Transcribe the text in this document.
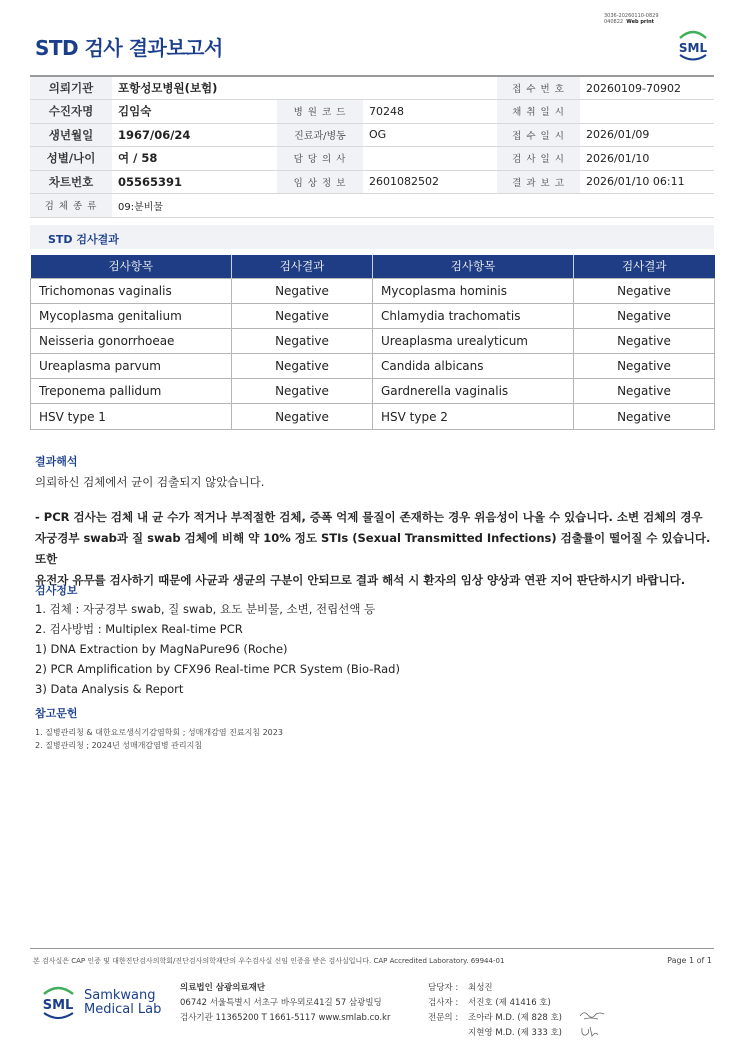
3036-20260110-0829
040822 Web print
STD 검사 결과보고서	SML
의뢰기관	포항성모병원(보험)			접 수 번 호	20260109-70902
수진자명	김임숙	병 원 코 드	70248	채 취 일 시	
생년월일	1967/06/24	진료과/병동	OG	접 수 일 시	2026/01/09
성별/나이	여 / 58	담 당 의 사		검 사 일 시	2026/01/10
차트번호	05565391	임 상 정 보	2601082502	결 과 보 고	2026/01/10 06:11
검 체 종 류	09:분비물				
STD 검사결과
검사항목	검사결과	검사항목	검사결과
Trichomonas vaginalis	Negative	Mycoplasma hominis	Negative
Mycoplasma genitalium	Negative	Chlamydia trachomatis	Negative
Neisseria gonorrhoeae	Negative	Ureaplasma urealyticum	Negative
Ureaplasma parvum	Negative	Candida albicans	Negative
Treponema pallidum	Negative	Gardnerella vaginalis	Negative
HSV type 1	Negative	HSV type 2	Negative
결과해석
의뢰하신 검체에서 균이 검출되지 않았습니다.
- PCR 검사는 검체 내 균 수가 적거나 부적절한 검체, 증폭 억제 물질이 존재하는 경우 위음성이 나올 수 있습니다. 소변 검체의 경우
자궁경부 swab과 질 swab 검체에 비해 약 10% 정도 STIs (Sexual Transmitted Infections) 검출률이 떨어질 수 있습니다. 또한
유전자 유무를 검사하기 때문에 사균과 생균의 구분이 안되므로 결과 해석 시 환자의 임상 양상과 연관 지어 판단하시기 바랍니다.
검사정보
1. 검체 : 자궁경부 swab, 질 swab, 요도 분비물, 소변, 전립선액 등
2. 검사방법 : Multiplex Real-time PCR
1) DNA Extraction by MagNaPure96 (Roche)
2) PCR Amplification by CFX96 Real-time PCR System (Bio-Rad)
3) Data Analysis & Report
참고문헌
1. 질병관리청 & 대한요로생식기감염학회 ; 성매개감염 진료지침 2023
2. 질병관리청 ; 2024년 성매개감염병 관리지침
본 검사실은 CAP 인증 및 대한진단검사의학회/진단검사의학재단의 우수검사실 신임 인증을 받은 검사실입니다. CAP Accredited Laboratory. 69944-01	Page 1 of 1
SML
Samkwang
Medical Lab
의료법인 삼광의료재단
06742 서울특별시 서초구 바우뫼로41길 57 삼광빌딩
검사기관 11365200 T 1661-5117 www.smlab.co.kr
담당자 :	최성진
검사자 :	서진호 (제 41416 호)
전문의 :	조아라 M.D. (제 828 호)
지현영 M.D. (제 333 호)
